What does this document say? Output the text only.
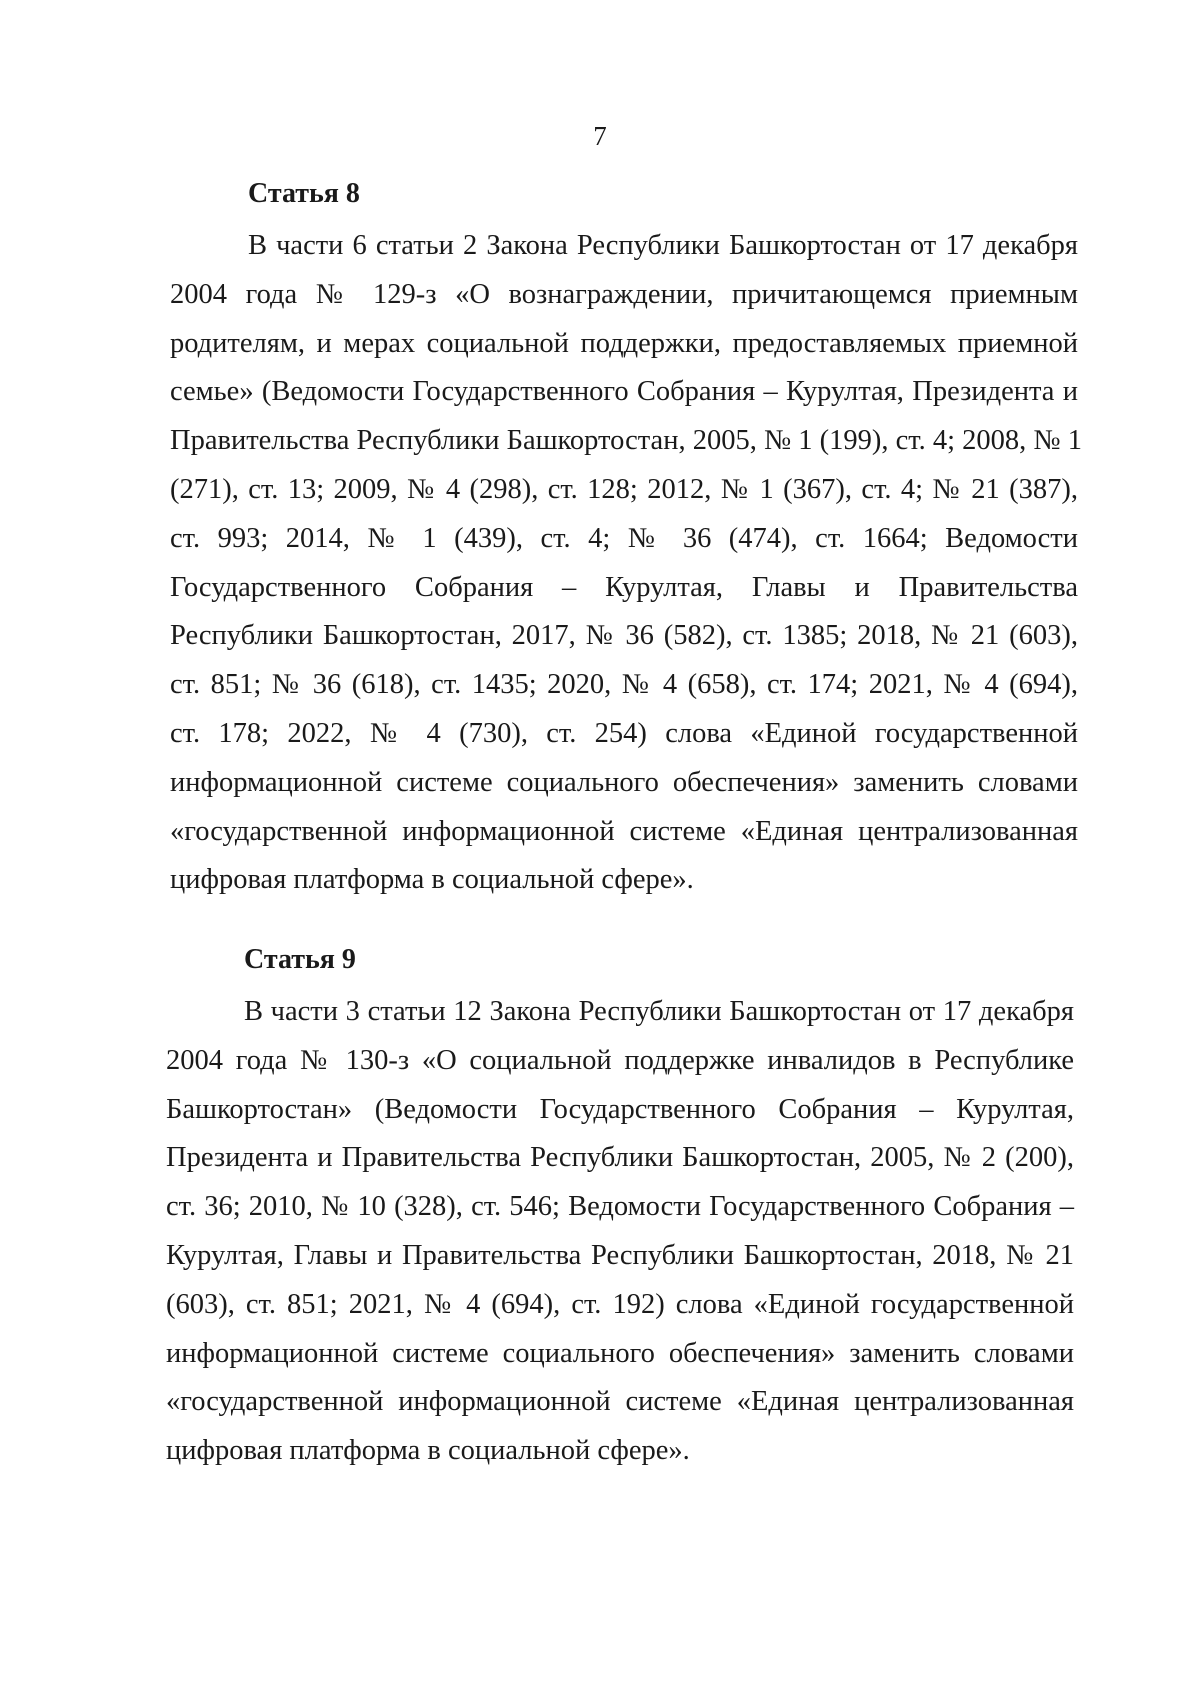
7
Статья 8

В части 6 статьи 2 Закона Республики Башкортостан от 17 декабря
2004 года № 129-з «О вознаграждении, причитающемся приемным
родителям, и мерах социальной поддержки, предоставляемых приемной
семье» (Ведомости Государственного Собрания – Курултая, Президента и
Правительства Республики Башкортостан, 2005, № 1 (199), ст. 4; 2008, № 1
(271), ст. 13; 2009, № 4 (298), ст. 128; 2012, № 1 (367), ст. 4; № 21 (387),
ст. 993; 2014, № 1 (439), ст. 4; № 36 (474), ст. 1664; Ведомости
Государственного Собрания – Курултая, Главы и Правительства
Республики Башкортостан, 2017, № 36 (582), ст. 1385; 2018, № 21 (603),
ст. 851; № 36 (618), ст. 1435; 2020, № 4 (658), ст. 174; 2021, № 4 (694),
ст. 178; 2022, № 4 (730), ст. 254) слова «Единой государственной
информационной системе социального обеспечения» заменить словами
«государственной информационной системе «Единая централизованная
цифровая платформа в социальной сфере».

Статья 9

В части 3 статьи 12 Закона Республики Башкортостан от 17 декабря
2004 года № 130-з «О социальной поддержке инвалидов в Республике
Башкортостан» (Ведомости Государственного Собрания – Курултая,
Президента и Правительства Республики Башкортостан, 2005, № 2 (200),
ст. 36; 2010, № 10 (328), ст. 546; Ведомости Государственного Собрания –
Курултая, Главы и Правительства Республики Башкортостан, 2018, № 21
(603), ст. 851; 2021, № 4 (694), ст. 192) слова «Единой государственной
информационной системе социального обеспечения» заменить словами
«государственной информационной системе «Единая централизованная
цифровая платформа в социальной сфере».
